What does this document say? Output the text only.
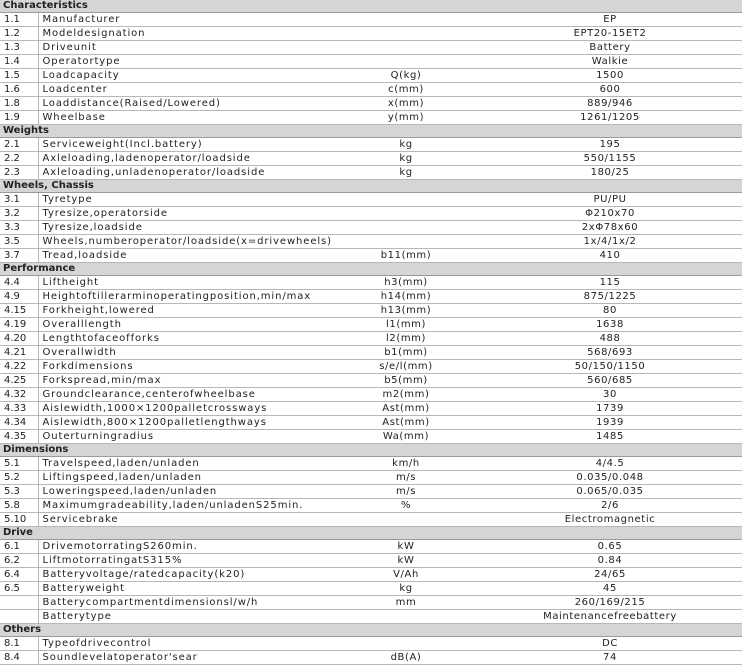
Characteristics			
1.1	Manufacturer		EP
1.2	Modeldesignation		EPT20-15ET2
1.3	Driveunit		Battery
1.4	Operatortype		Walkie
1.5	Loadcapacity	Q(kg)	1500
1.6	Loadcenter	c(mm)	600
1.8	Loaddistance(Raised/Lowered)	x(mm)	889/946
1.9	Wheelbase	y(mm)	1261/1205
Weights			
2.1	Serviceweight(Incl.battery)	kg	195
2.2	Axleloading,ladenoperator/loadside	kg	550/1155
2.3	Axleloading,unladenoperator/loadside	kg	180/25
Wheels, Chassis			
3.1	Tyretype		PU/PU
3.2	Tyresize,operatorside		Φ210x70
3.3	Tyresize,loadside		2xΦ78x60
3.5	Wheels,numberoperator/loadside(x=drivewheels)		1x/4/1x/2
3.7	Tread,loadside	b11(mm)	410
Performance			
4.4	Liftheight	h3(mm)	115
4.9	Heightoftillerarminoperatingposition,min/max	h14(mm)	875/1225
4.15	Forkheight,lowered	h13(mm)	80
4.19	Overalllength	l1(mm)	1638
4.20	Lengthtofaceofforks	l2(mm)	488
4.21	Overallwidth	b1(mm)	568/693
4.22	Forkdimensions	s/e/l(mm)	50/150/1150
4.25	Forkspread,min/max	b5(mm)	560/685
4.32	Groundclearance,centerofwheelbase	m2(mm)	30
4.33	Aislewidth,1000×1200palletcrossways	Ast(mm)	1739
4.34	Aislewidth,800×1200palletlengthways	Ast(mm)	1939
4.35	Outerturningradius	Wa(mm)	1485
Dimensions			
5.1	Travelspeed,laden/unladen	km/h	4/4.5
5.2	Liftingspeed,laden/unladen	m/s	0.035/0.048
5.3	Loweringspeed,laden/unladen	m/s	0.065/0.035
5.8	Maximumgradeability,laden/unladenS25min.	%	2/6
5.10	Servicebrake		Electromagnetic
Drive			
6.1	DrivemotorratingS260min.	kW	0.65
6.2	LiftmotorratingatS315%	kW	0.84
6.4	Batteryvoltage/ratedcapacity(k20)	V/Ah	24/65
6.5	Batteryweight	kg	45
	Batterycompartmentdimensionsl/w/h	mm	260/169/215
	Batterytype		Maintenancefreebattery
Others			
8.1	Typeofdrivecontrol		DC
8.4	Soundlevelatoperator'sear	dB(A)	74
